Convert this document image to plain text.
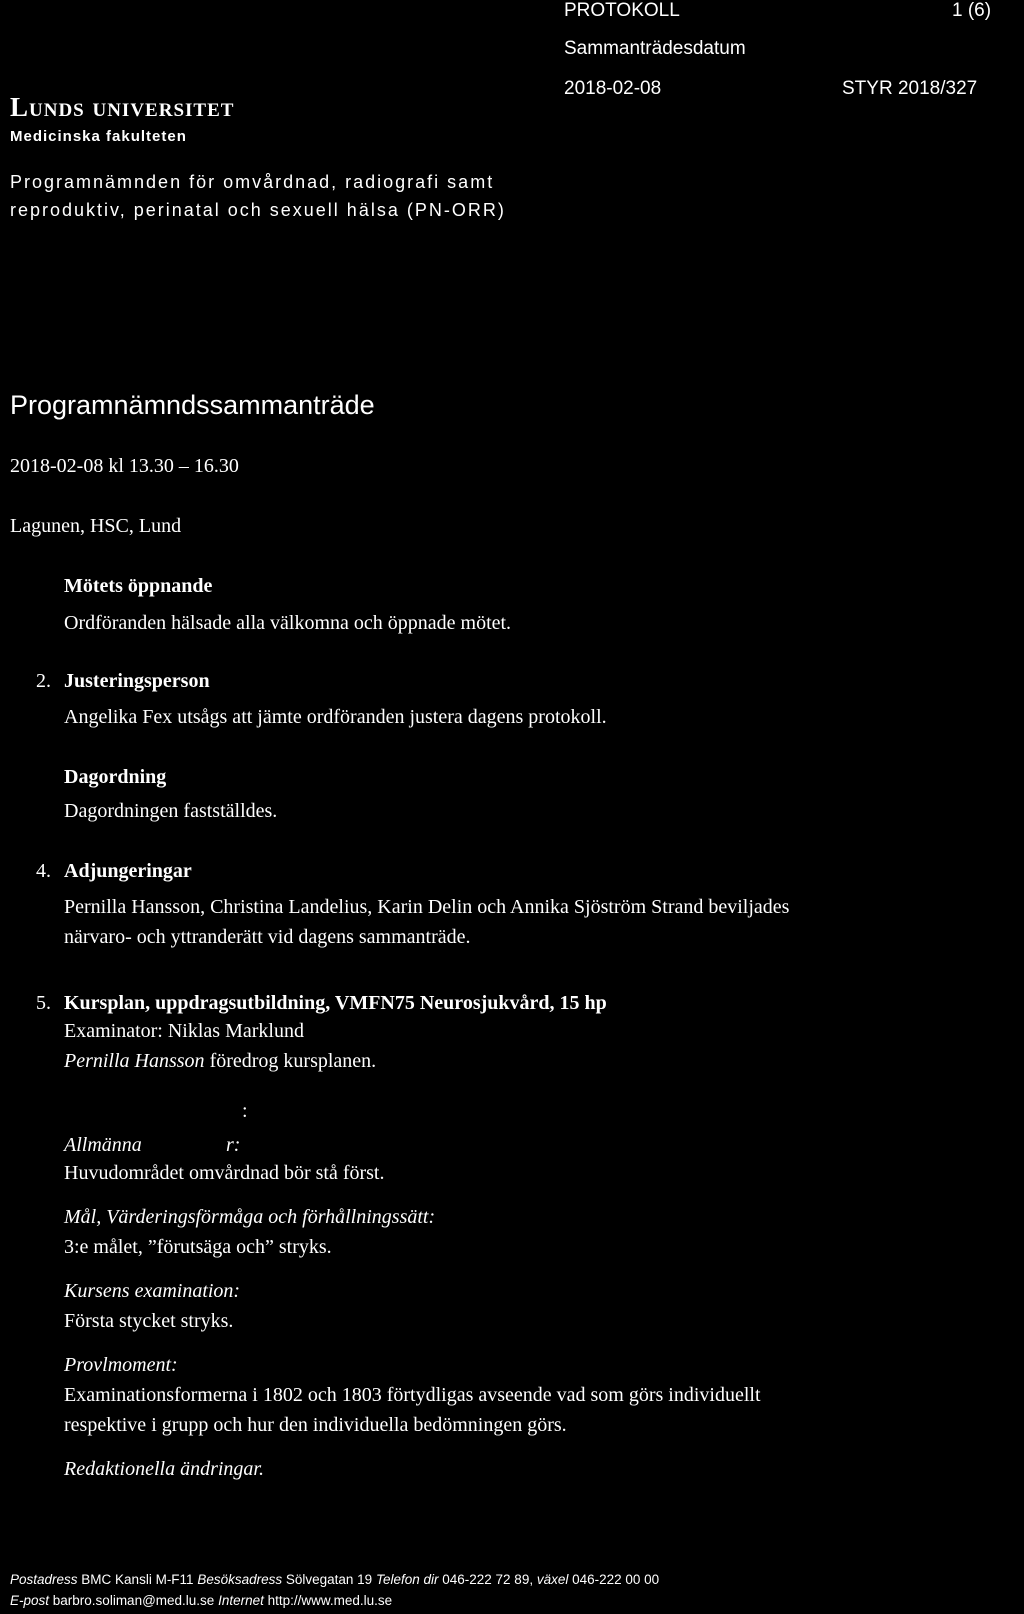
PROTOKOLL	1 (6)
Sammanträdesdatum
2018-02-08	STYR 2018/327
Lunds universitet
Medicinska fakulteten
Programnämnden för omvårdnad, radiografi samt
reproduktiv, perinatal och sexuell hälsa (PN-ORR)
Programnämndssammanträde
2018-02-08 kl 13.30 – 16.30
Lagunen, HSC, Lund
Mötets öppnande
Ordföranden hälsade alla välkomna och öppnade mötet.
2. Justeringsperson
Angelika Fex utsågs att jämte ordföranden justera dagens protokoll.
Dagordning
Dagordningen fastställdes.
4. Adjungeringar
Pernilla Hansson, Christina Landelius, Karin Delin och Annika Sjöström Strand beviljades
närvaro- och yttranderätt vid dagens sammanträde.
5. Kursplan, uppdragsutbildning, VMFN75 Neurosjukvård, 15 hp
Examinator: Niklas Marklund
Pernilla Hansson föredrog kursplanen.
:
Allmänna	r:
Huvudområdet omvårdnad bör stå först.
Mål, Värderingsförmåga och förhållningssätt:
3:e målet, ”förutsäga och” stryks.
Kursens examination:
Första stycket stryks.
Provlmoment:
Examinationsformerna i 1802 och 1803 förtydligas avseende vad som görs individuellt
respektive i grupp och hur den individuella bedömningen görs.
Redaktionella ändringar.
Postadress BMC Kansli M-F11 Besöksadress Sölvegatan 19 Telefon dir 046-222 72 89, växel 046-222 00 00
E-post barbro.soliman@med.lu.se Internet http://www.med.lu.se
